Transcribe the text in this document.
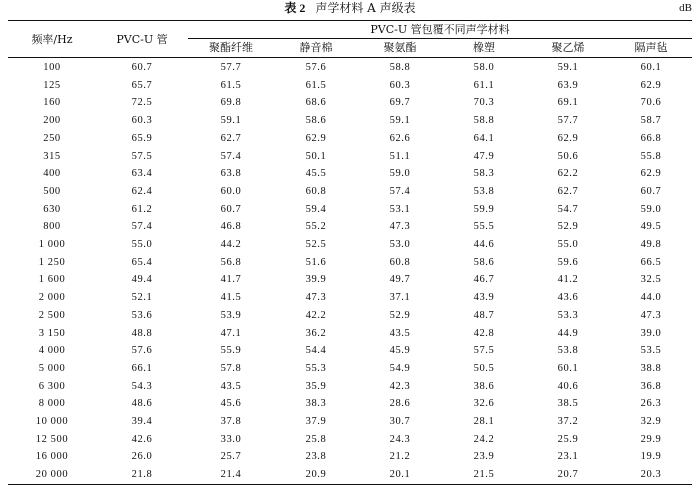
表 2 声学材料 A 声级表	dB
频率/Hz	PVC-U 管	PVC-U 管包覆不同声学材料					
		聚酯纤维	静音棉	聚氨酯	橡塑	聚乙烯	隔声毡
100	60.7	57.7	57.6	58.8	58.0	59.1	60.1
125	65.7	61.5	61.5	60.3	61.1	63.9	62.9
160	72.5	69.8	68.6	69.7	70.3	69.1	70.6
200	60.3	59.1	58.6	59.1	58.8	57.7	58.7
250	65.9	62.7	62.9	62.6	64.1	62.9	66.8
315	57.5	57.4	50.1	51.1	47.9	50.6	55.8
400	63.4	63.8	45.5	59.0	58.3	62.2	62.9
500	62.4	60.0	60.8	57.4	53.8	62.7	60.7
630	61.2	60.7	59.4	53.1	59.9	54.7	59.0
800	57.4	46.8	55.2	47.3	55.5	52.9	49.5
1 000	55.0	44.2	52.5	53.0	44.6	55.0	49.8
1 250	65.4	56.8	51.6	60.8	58.6	59.6	66.5
1 600	49.4	41.7	39.9	49.7	46.7	41.2	32.5
2 000	52.1	41.5	47.3	37.1	43.9	43.6	44.0
2 500	53.6	53.9	42.2	52.9	48.7	53.3	47.3
3 150	48.8	47.1	36.2	43.5	42.8	44.9	39.0
4 000	57.6	55.9	54.4	45.9	57.5	53.8	53.5
5 000	66.1	57.8	55.3	54.9	50.5	60.1	38.8
6 300	54.3	43.5	35.9	42.3	38.6	40.6	36.8
8 000	48.6	45.6	38.3	28.6	32.6	38.5	26.3
10 000	39.4	37.8	37.9	30.7	28.1	37.2	32.9
12 500	42.6	33.0	25.8	24.3	24.2	25.9	29.9
16 000	26.0	25.7	23.8	21.2	23.9	23.1	19.9
20 000	21.8	21.4	20.9	20.1	21.5	20.7	20.3
